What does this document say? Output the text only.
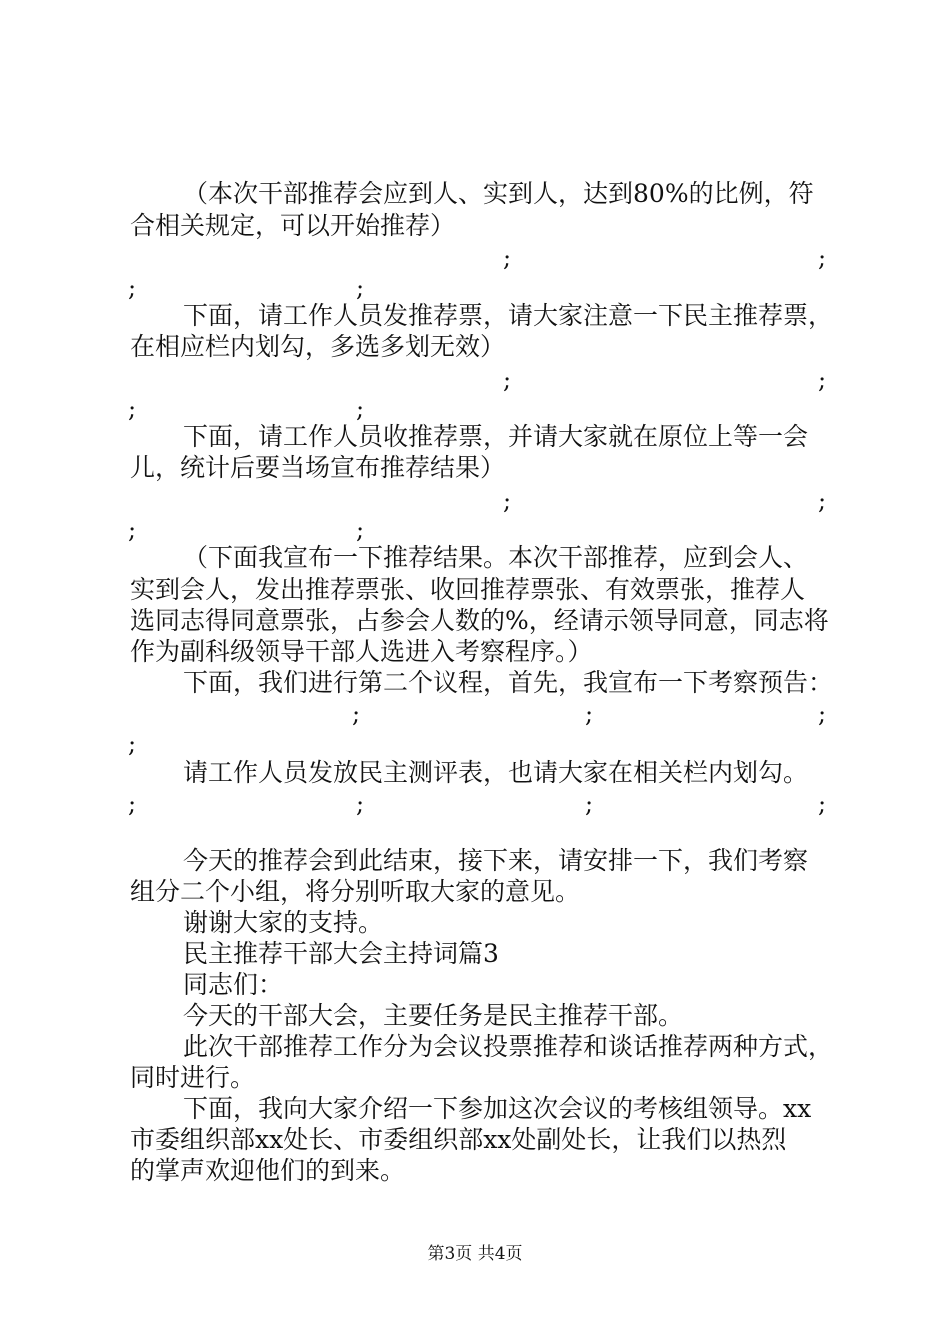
（本次干部推荐会应到人、实到人，达到80%的比例，符
合相关规定，可以开始推荐）
;	;
;	;
下面，请工作人员发推荐票，请大家注意一下民主推荐票，
在相应栏内划勾，多选多划无效）
;	;
;	;
下面，请工作人员收推荐票，并请大家就在原位上等一会
儿，统计后要当场宣布推荐结果）
;	;
;	;
（下面我宣布一下推荐结果。本次干部推荐，应到会人、
实到会人，发出推荐票张、收回推荐票张、有效票张，推荐人
选同志得同意票张，占参会人数的%，经请示领导同意，同志将
作为副科级领导干部人选进入考察程序。）
下面，我们进行第二个议程，首先，我宣布一下考察预告：
;	;	;
;
请工作人员发放民主测评表，也请大家在相关栏内划勾。
;	;	;	;
今天的推荐会到此结束，接下来，请安排一下，我们考察
组分二个小组，将分别听取大家的意见。
谢谢大家的支持。
民主推荐干部大会主持词篇3
同志们：
今天的干部大会，主要任务是民主推荐干部。
此次干部推荐工作分为会议投票推荐和谈话推荐两种方式，
同时进行。
下面，我向大家介绍一下参加这次会议的考核组领导。xx
市委组织部xx处长、市委组织部xx处副处长，让我们以热烈
的掌声欢迎他们的到来。
第3页 共4页
